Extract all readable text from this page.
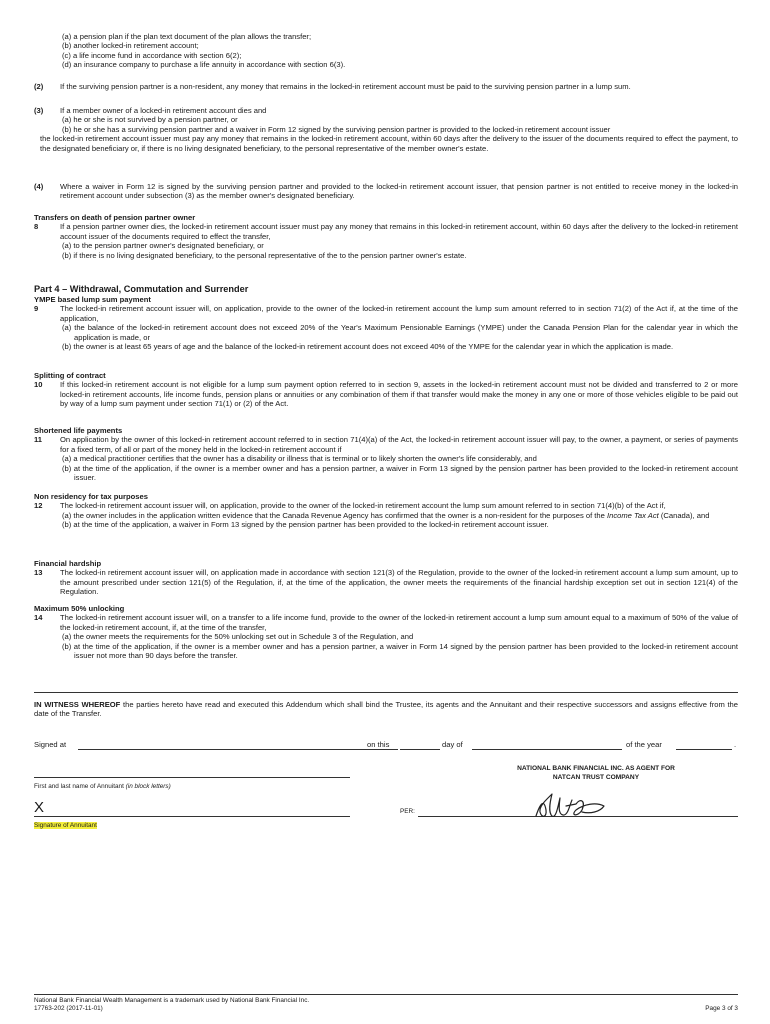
(a) a pension plan if the plan text document of the plan allows the transfer;

(b) another locked-in retirement account;

(c) a life income fund in accordance with section 6(2);

(d) an insurance company to purchase a life annuity in accordance with section 6(3).

(2)	If the surviving pension partner is a non-resident, any money that remains in the locked-in retirement account must be paid to the surviving pension partner in a lump sum.
(3)	If a member owner of a locked-in retirement account dies and

(a) he or she is not survived by a pension partner, or

(b) he or she has a surviving pension partner and a waiver in Form 12 signed by the surviving pension partner is provided to the locked-in retirement account issuer

the locked-in retirement account issuer must pay any money that remains in the locked-in retirement account, within 60 days after the delivery to the issuer of the documents required to effect the payment, to the designated beneficiary or, if there is no living designated beneficiary, to the personal representative of the member owner's estate.

(4)	Where a waiver in Form 12 is signed by the surviving pension partner and provided to the locked-in retirement account issuer, that pension partner is not entitled to receive money in the locked-in retirement account under subsection (3) as the member owner's designated beneficiary.

Transfers on death of pension partner owner

8	If a pension partner owner dies, the locked-in retirement account issuer must pay any money that remains in this locked-in retirement account, within 60 days after the delivery to the locked-in retirement account issuer of the documents required to effect the transfer,

(a) to the pension partner owner's designated beneficiary, or

(b) if there is no living designated beneficiary, to the personal representative of the to the pension partner owner's estate.

Part 4 – Withdrawal, Commutation and Surrender

YMPE based lump sum payment

9	The locked-in retirement account issuer will, on application, provide to the owner of the locked-in retirement account the lump sum amount referred to in section 71(2) of the Act if, at the time of the application,

(a) the balance of the locked-in retirement account does not exceed 20% of the Year's Maximum Pensionable Earnings (YMPE) under the Canada Pension Plan for the calendar year in which the application is made, or

(b) the owner is at least 65 years of age and the balance of the locked-in retirement account does not exceed 40% of the YMPE for the calendar year in which the application is made.

Splitting of contract

10	If this locked-in retirement account is not eligible for a lump sum payment option referred to in section 9, assets in the locked-in retirement account must not be divided and transferred to 2 or more locked-in retirement accounts, life income funds, pension plans or annuities or any combination of them if that transfer would make the money in any one or more of those vehicles eligible to be paid out by way of a lump sum payment under section 71(1) or (2) of the Act.

Shortened life payments

11	On application by the owner of this locked-in retirement account referred to in section 71(4)(a) of the Act, the locked-in retirement account issuer will pay, to the owner, a payment, or series of payments for a fixed term, of all or part of the money held in the locked-in retirement account if

(a) a medical practitioner certifies that the owner has a disability or illness that is terminal or to likely shorten the owner's life considerably, and

(b) at the time of the application, if the owner is a member owner and has a pension partner, a waiver in Form 13 signed by the pension partner has been provided to the locked-in retirement account issuer.

Non residency for tax purposes

12	The locked-in retirement account issuer will, on application, provide to the owner of the locked-in retirement account the lump sum amount referred to in section 71(4)(b) of the Act if,

(a) the owner includes in the application written evidence that the Canada Revenue Agency has confirmed that the owner is a non-resident for the purposes of the Income Tax Act (Canada), and

(b) at the time of the application, a waiver in Form 13 signed by the pension partner has been provided to the locked-in retirement account issuer.

Financial hardship

13	The locked-in retirement account issuer will, on application made in accordance with section 121(3) of the Regulation, provide to the owner of the locked-in retirement account a lump sum amount, up to the amount prescribed under section 121(5) of the Regulation, if, at the time of the application, the owner meets the requirements of the financial hardship exception set out in section 121(4) of the Regulation.

Maximum 50% unlocking

14	The locked-in retirement account issuer will, on a transfer to a life income fund, provide to the owner of the locked-in retirement account a lump sum amount equal to a maximum of 50% of the value of the locked-in retirement account, if, at the time of the transfer,

(a) the owner meets the requirements for the 50% unlocking set out in Schedule 3 of the Regulation, and

(b) at the time of the application, if the owner is a member owner and has a pension partner, a waiver in Form 14 signed by the pension partner has been provided to the locked-in retirement account issuer not more than 90 days before the transfer.

IN WITNESS WHEREOF the parties hereto have read and executed this Addendum which shall bind the Trustee, its agents and the Annuitant and their respective successors and assigns effective from the date of the Transfer.
Signed at	on this	day of	of the year	.

First and last name of Annuitant (in block letters)

NATIONAL BANK FINANCIAL INC. AS AGENT FOR

NATCAN TRUST COMPANY

X

Signature of Annuitant

PER:

National Bank Financial Wealth Management is a trademark used by National Bank Financial Inc.

17763-202 (2017-11-01)	Page 3 of 3
